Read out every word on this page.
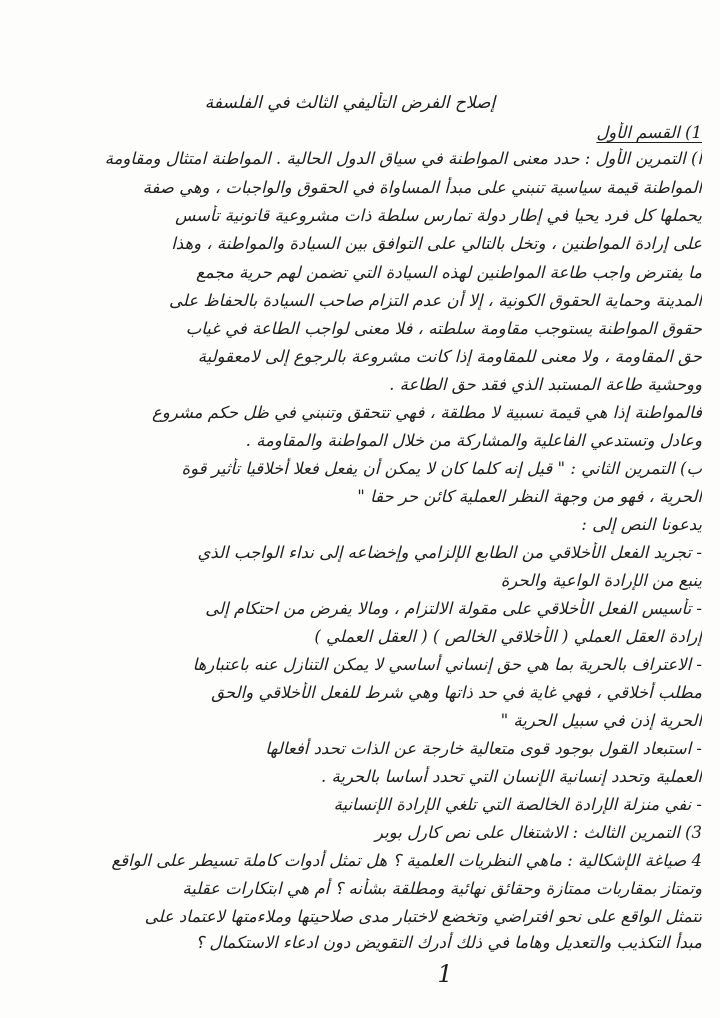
إصلاح الفرض التأليفي الثالث في الفلسفة
1) القسم الأول
أ) التمرين الأول : حدد معنى المواطنة في سياق الدول الحالية . المواطنة امتثال ومقاومة
المواطنة قيمة سياسية تنبني على مبدأ المساواة في الحقوق والواجبات ، وهي صفة
يحملها كل فرد يحيا في إطار دولة تمارس سلطة ذات مشروعية قانونية تأسس
على إرادة المواطنين ، وتخل بالتالي على التوافق بين السيادة والمواطنة ، وهذا
ما يفترض واجب طاعة المواطنين لهذه السيادة التي تضمن لهم حرية مجمع
المدينة وحماية الحقوق الكونية ، إلا أن عدم التزام صاحب السيادة بالحفاظ على
حقوق المواطنة يستوجب مقاومة سلطته ، فلا معنى لواجب الطاعة في غياب
حق المقاومة ، ولا معنى للمقاومة إذا كانت مشروعة بالرجوع إلى لامعقولية
ووحشية طاعة المستبد الذي فقد حق الطاعة .
فالمواطنة إذا هي قيمة نسبية لا مطلقة ، فهي تتحقق وتنبني في ظل حكم مشروع
وعادل وتستدعي الفاعلية والمشاركة من خلال المواطنة والمقاومة .
ب) التمرين الثاني : " قيل إنه كلما كان لا يمكن أن يفعل فعلا أخلاقيا تأثير قوة
الحرية ، فهو من وجهة النظر العملية كائن حر حقا "
يدعونا النص إلى :
- تجريد الفعل الأخلاقي من الطابع الإلزامي وإخضاعه إلى نداء الواجب الذي
ينبع من الإرادة الواعية والحرة
- تأسيس الفعل الأخلاقي على مقولة الالتزام ، ومالا يفرض من احتكام إلى
إرادة العقل العملي ( الأخلاقي الخالص ) ( العقل العملي )
- الاعتراف بالحرية بما هي حق إنساني أساسي لا يمكن التنازل عنه باعتبارها
مطلب أخلاقي ، فهي غاية في حد ذاتها وهي شرط للفعل الأخلاقي والحق
الحرية إذن في سبيل الحرية "
- استبعاد القول بوجود قوى متعالية خارجة عن الذات تحدد أفعالها
العملية وتحدد إنسانية الإنسان التي تحدد أساسا بالحرية .
- نفي منزلة الإرادة الخالصة التي تلغي الإرادة الإنسانية
3) التمرين الثالث : الاشتغال على نص كارل بوبر
4 صياغة الإشكالية : ماهي النظريات العلمية ؟ هل تمثل أدوات كاملة تسيطر على الواقع
وتمتاز بمقاربات ممتازة وحقائق نهائية ومطلقة بشأنه ؟ أم هي ابتكارات عقلية
تتمثل الواقع على نحو افتراضي وتخضع لاختبار مدى صلاحيتها وملاءمتها لاعتماد على
مبدأ التكذيب والتعديل وهاما في ذلك أدرك التقويض دون ادعاء الاستكمال ؟
1
